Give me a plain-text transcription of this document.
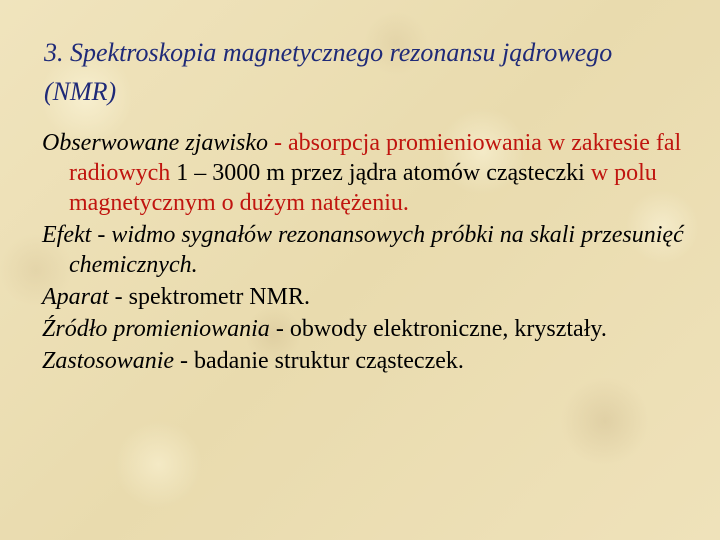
3. Spektroskopia magnetycznego rezonansu jądrowego (NMR)
Obserwowane zjawisko - absorpcja promieniowania w zakresie fal radiowych 1 – 3000 m przez jądra atomów cząsteczki w polu magnetycznym o dużym natężeniu.
Efekt - widmo sygnałów rezonansowych próbki na skali przesunięć chemicznych.
Aparat - spektrometr NMR.
Źródło promieniowania - obwody elektroniczne, kryształy.
Zastosowanie - badanie struktur cząsteczek.
